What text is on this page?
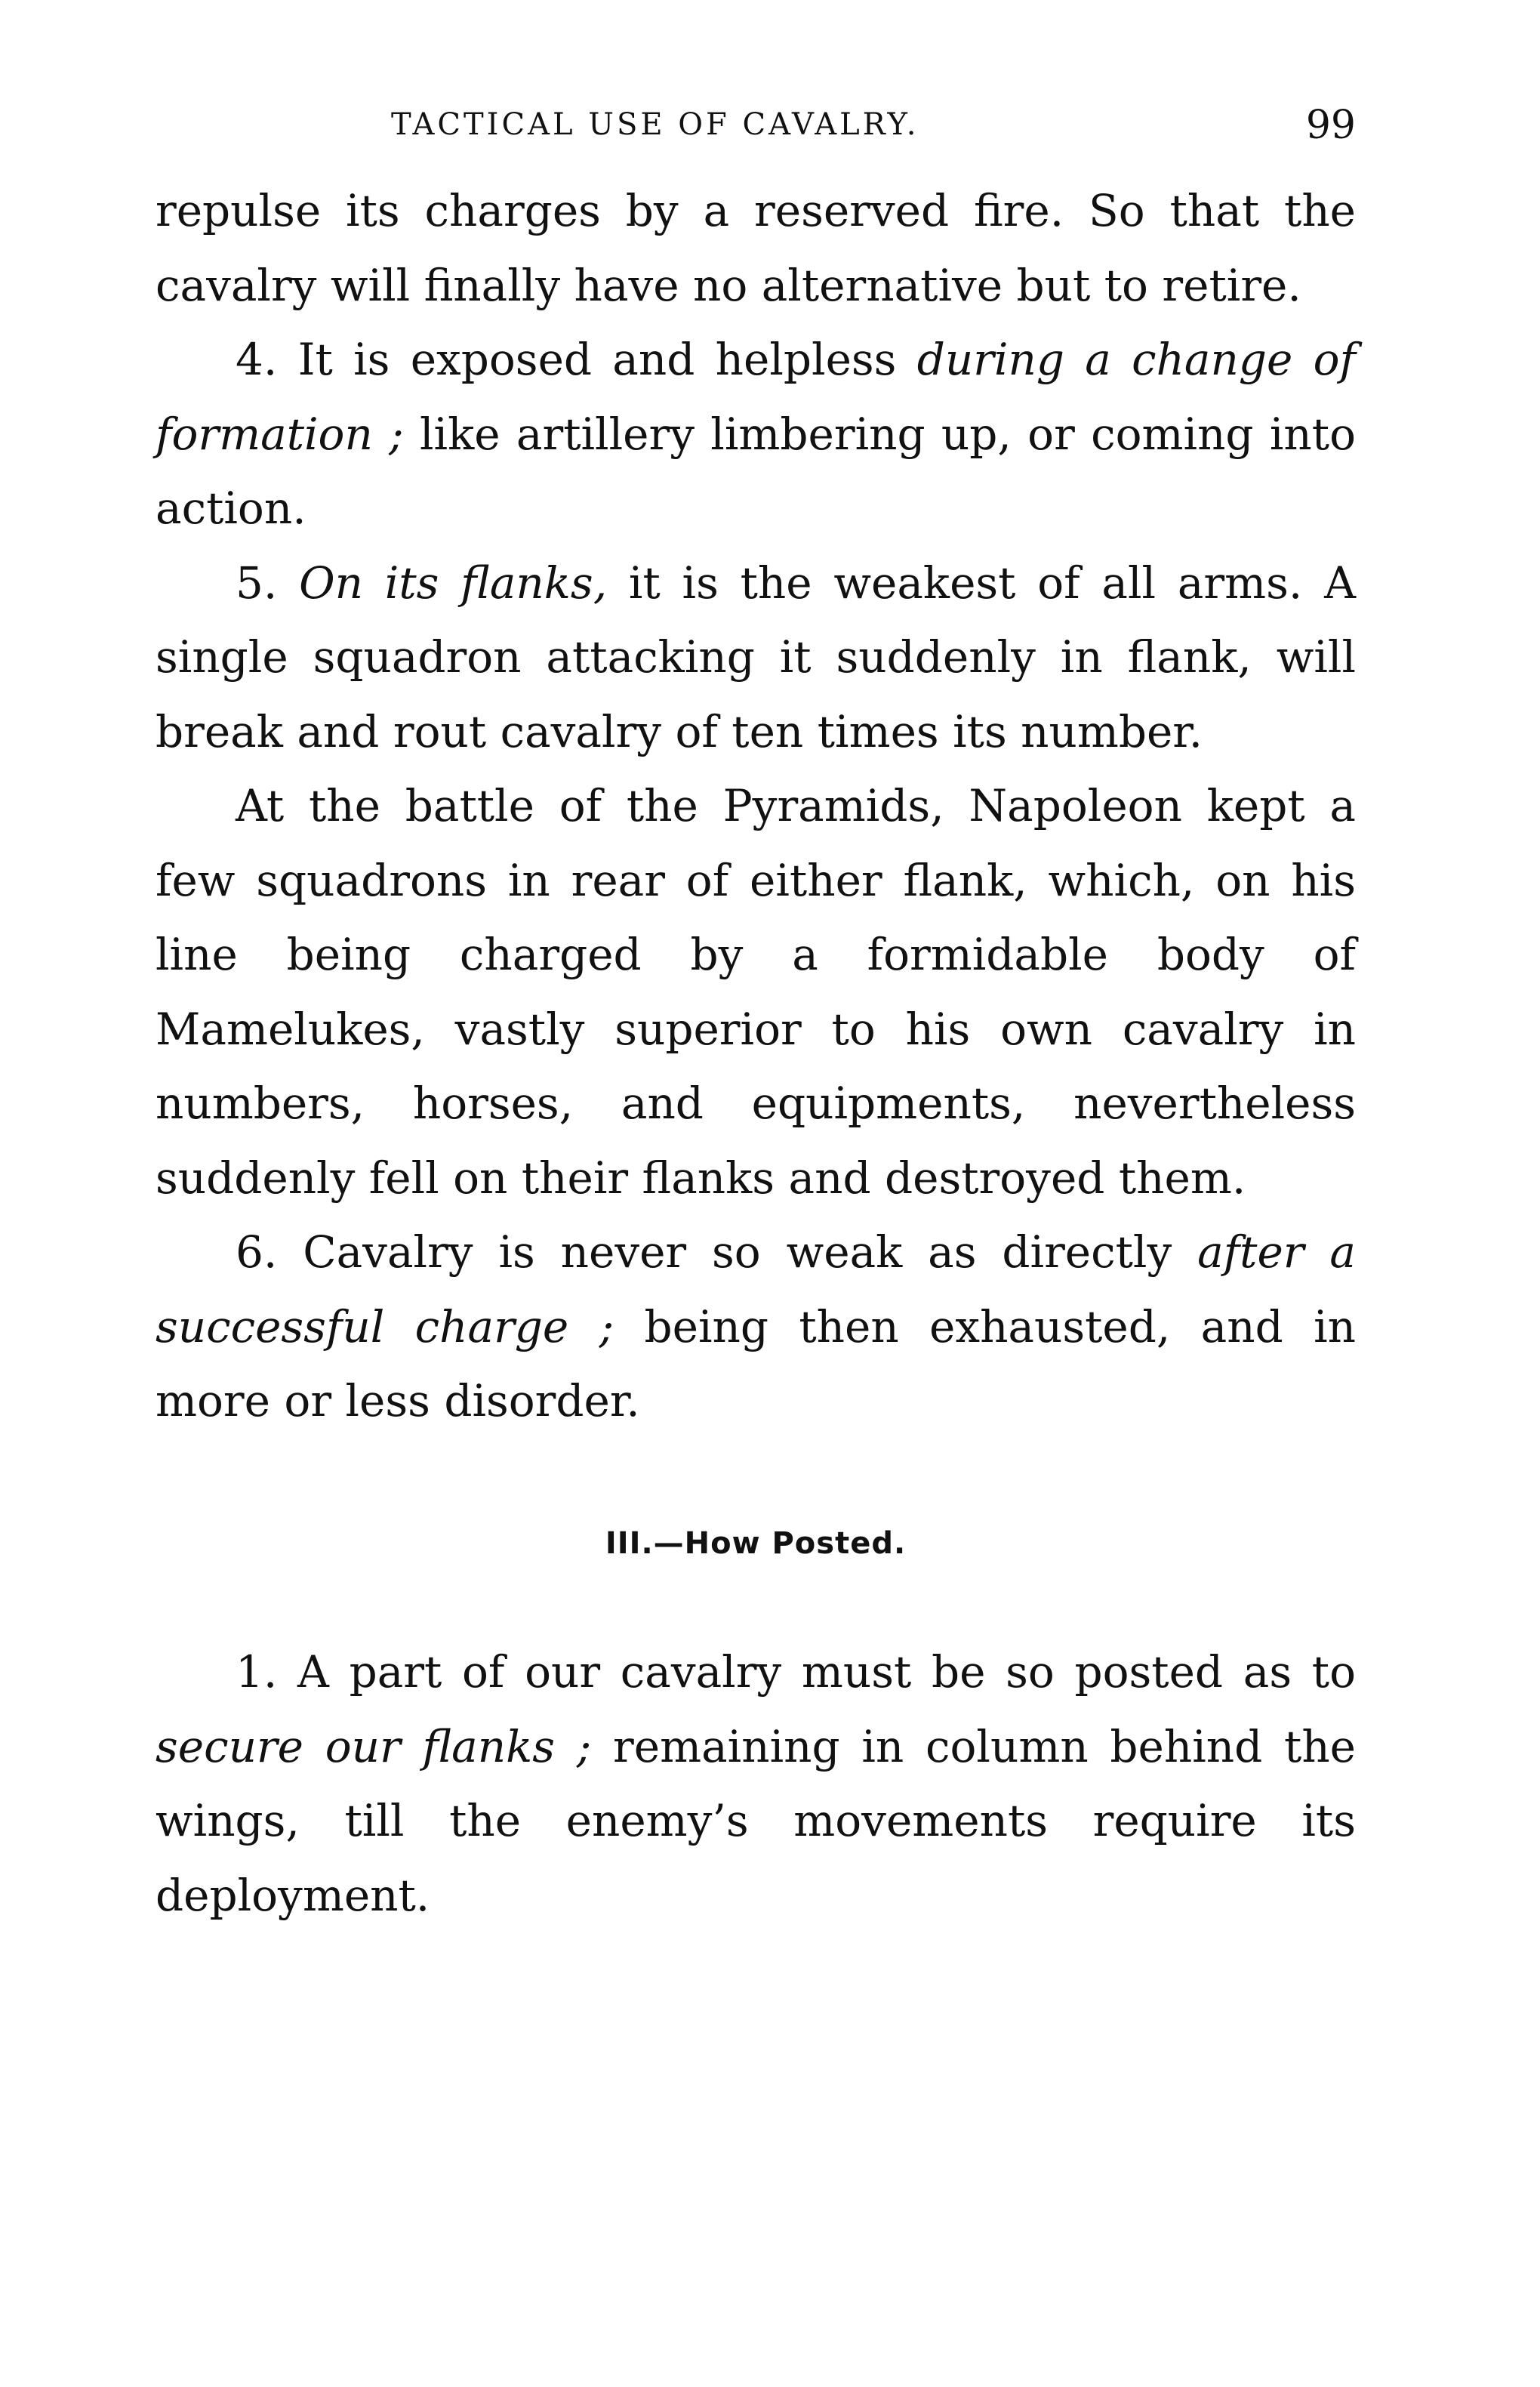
TACTICAL USE OF CAVALRY.	99

repulse its charges by a reserved fire. So that the cavalry will finally have no alternative but to retire.

4. It is exposed and helpless during a change of formation ; like artillery limbering up, or coming into action.

5. On its flanks, it is the weakest of all arms. A single squadron attacking it suddenly in flank, will break and rout cavalry of ten times its number.

At the battle of the Pyramids, Napoleon kept a few squadrons in rear of either flank, which, on his line being charged by a formidable body of Mamelukes, vastly superior to his own cavalry in numbers, horses, and equipments, nevertheless suddenly fell on their flanks and destroyed them.

6. Cavalry is never so weak as directly after a successful charge ; being then exhausted, and in more or less disorder.

III.—How Posted.

1. A part of our cavalry must be so posted as to secure our flanks ; remaining in column behind the wings, till the enemy’s movements require its deployment.
